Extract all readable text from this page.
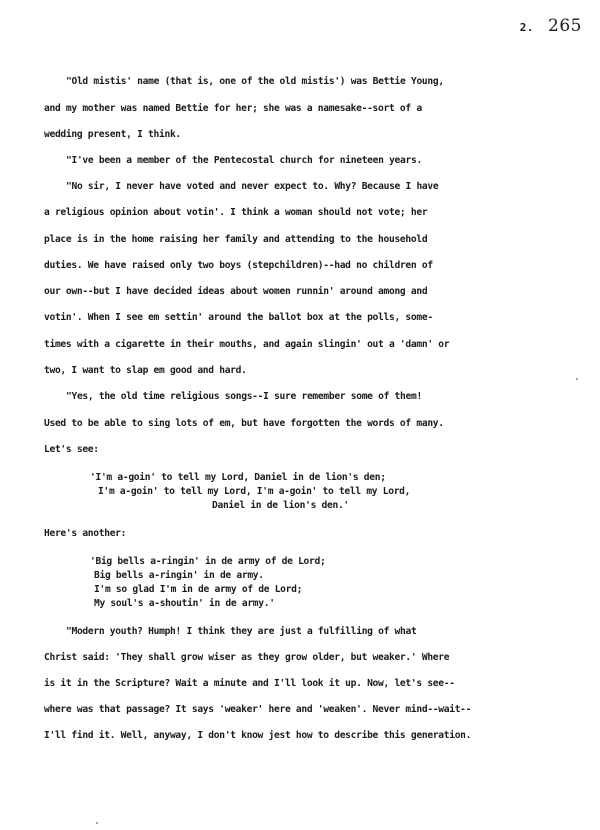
2. 265
"Old mistis' name (that is, one of the old mistis') was Bettie Young,
and my mother was named Bettie for her; she was a namesake--sort of a
wedding present, I think.
"I've been a member of the Pentecostal church for nineteen years.
"No sir, I never have voted and never expect to. Why? Because I have
a religious opinion about votin'. I think a woman should not vote; her
place is in the home raising her family and attending to the household
duties. We have raised only two boys (stepchildren)--had no children of
our own--but I have decided ideas about women runnin' around among and
votin'. When I see em settin' around the ballot box at the polls, some-
times with a cigarette in their mouths, and again slingin' out a 'damn' or
two, I want to slap em good and hard.
"Yes, the old time religious songs--I sure remember some of them!
Used to be able to sing lots of em, but have forgotten the words of many.
Let's see:
'I'm a-goin' to tell my Lord, Daniel in de lion's den;
I'm a-goin' to tell my Lord, I'm a-goin' to tell my Lord,
Daniel in de lion's den.'
Here's another:
'Big bells a-ringin' in de army of de Lord;
Big bells a-ringin' in de army.
I'm so glad I'm in de army of de Lord;
My soul's a-shoutin' in de army.'
"Modern youth? Humph! I think they are just a fulfilling of what
Christ said: 'They shall grow wiser as they grow older, but weaker.' Where
is it in the Scripture? Wait a minute and I'll look it up. Now, let's see--
where was that passage? It says 'weaker' here and 'weaken'. Never mind--wait--
I'll find it. Well, anyway, I don't know jest how to describe this generation.
